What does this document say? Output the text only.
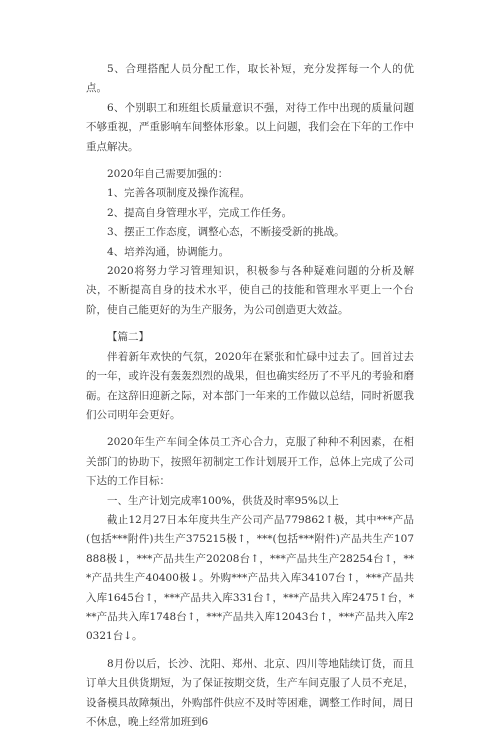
5、合理搭配人员分配工作，取长补短，充分发挥每一个人的优点。

6、个别职工和班组长质量意识不强，对待工作中出现的质量问题不够重视，严重影响车间整体形象。以上问题，我们会在下年的工作中重点解决。

2020年自己需要加强的：

1、完善各项制度及操作流程。

2、提高自身管理水平，完成工作任务。

3、摆正工作态度，调整心态，不断接受新的挑战。

4、培养沟通，协调能力。

2020将努力学习管理知识，积极参与各种疑难问题的分析及解决，不断提高自身的技术水平，使自己的技能和管理水平更上一个台阶，使自己能更好的为生产服务，为公司创造更大效益。

【篇二】

伴着新年欢快的气氛，2020年在紧张和忙碌中过去了。回首过去的一年，或许没有轰轰烈烈的战果，但也确实经历了不平凡的考验和磨砺。在这辞旧迎新之际，对本部门一年来的工作做以总结，同时祈愿我们公司明年会更好。

2020年生产车间全体员工齐心合力，克服了种种不利因素，在相关部门的协助下，按照年初制定工作计划展开工作，总体上完成了公司下达的工作目标：

一、生产计划完成率100%，供货及时率95%以上

截止12月27日本年度共生产公司产品779862↑极，其中***产品(包括***附件)共生产375215极↑，***(包括***附件)产品共生产107888极↓，***产品共生产20208台↑，***产品共生产28254台↑，***产品共生产40400极↓。外购***产品共入库34107台↑，***产品共入库1645台↑，***产品共入库331台↑，***产品共入库2475↑台，***产品共入库1748台↑，***产品共入库12043台↑，***产品共入库20321台↓。

8月份以后，长沙、沈阳、郑州、北京、四川等地陆续订货，而且订单大且供货期短，为了保证按期交货，生产车间克服了人员不充足，设备模具故障频出，外购部件供应不及时等困难，调整工作时间，周日不休息，晚上经常加班到6
